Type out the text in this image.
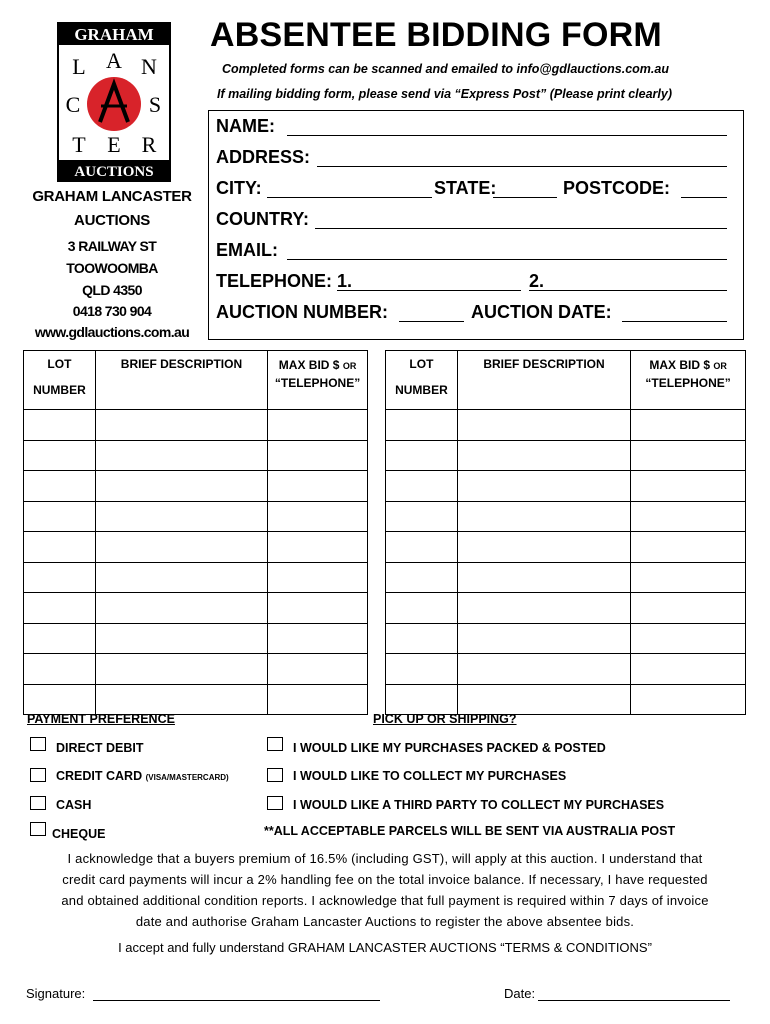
GRAHAM
L A N
C	S
T E R
AUCTIONS
GRAHAM LANCASTER
AUCTIONS
3 RAILWAY ST
TOOWOOMBA
QLD 4350
0418 730 904
www.gdlauctions.com.au
ABSENTEE BIDDING FORM
Completed forms can be scanned and emailed to info@gdlauctions.com.au
If mailing bidding form, please send via “Express Post” (Please print clearly)
NAME:
ADDRESS:
CITY:	STATE:	POSTCODE:
COUNTRY:
EMAIL:
TELEPHONE: 1.	2.
AUCTION NUMBER:	AUCTION DATE:
LOT
NUMBER	BRIEF DESCRIPTION	MAX BID $ OR
“TELEPHONE”

LOT
NUMBER	BRIEF DESCRIPTION	MAX BID $ OR
“TELEPHONE”

PAYMENT PREFERENCE
DIRECT DEBIT
CREDIT CARD (VISA/MASTERCARD)
CASH
CHEQUE
PICK UP OR SHIPPING?
I WOULD LIKE MY PURCHASES PACKED & POSTED
I WOULD LIKE TO COLLECT MY PURCHASES
I WOULD LIKE A THIRD PARTY TO COLLECT MY PURCHASES
**ALL ACCEPTABLE PARCELS WILL BE SENT VIA AUSTRALIA POST
I acknowledge that a buyers premium of 16.5% (including GST), will apply at this auction. I understand that
credit card payments will incur a 2% handling fee on the total invoice balance. If necessary, I have requested
and obtained additional condition reports. I acknowledge that full payment is required within 7 days of invoice
date and authorise Graham Lancaster Auctions to register the above absentee bids.
I accept and fully understand GRAHAM LANCASTER AUCTIONS “TERMS & CONDITIONS”
Signature:	Date:
